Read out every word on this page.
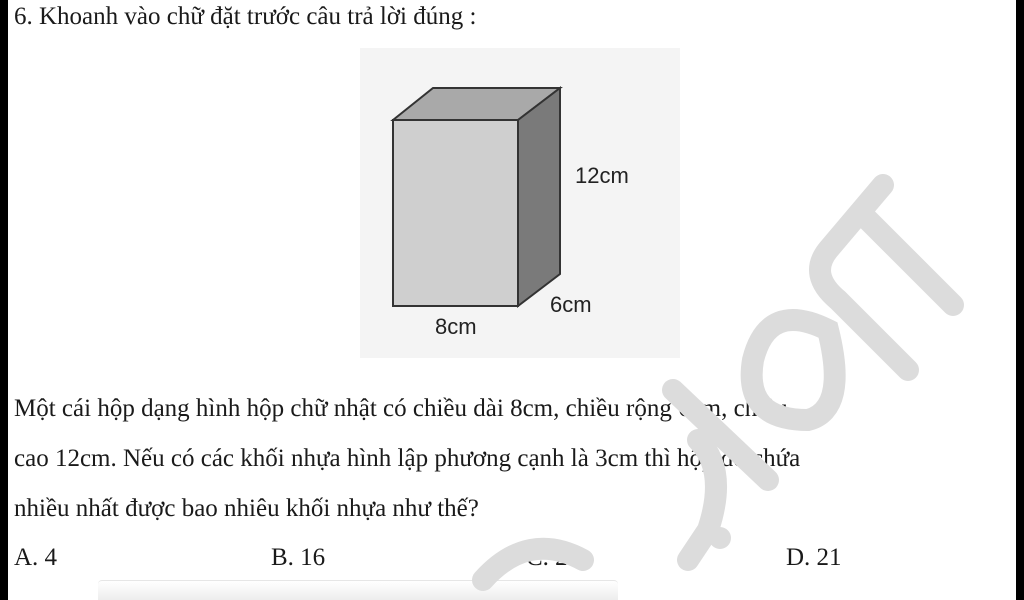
6. Khoanh vào chữ đặt trước câu trả lời đúng :
12cm
6cm
8cm
Một cái hộp dạng hình hộp chữ nhật có chiều dài 8cm, chiều rộng 6cm, chiều
cao 12cm. Nếu có các khối nhựa hình lập phương cạnh là 3cm thì hộp đó chứa
nhiều nhất được bao nhiêu khối nhựa như thế?
A. 4	B. 16	C. 20	D. 21
